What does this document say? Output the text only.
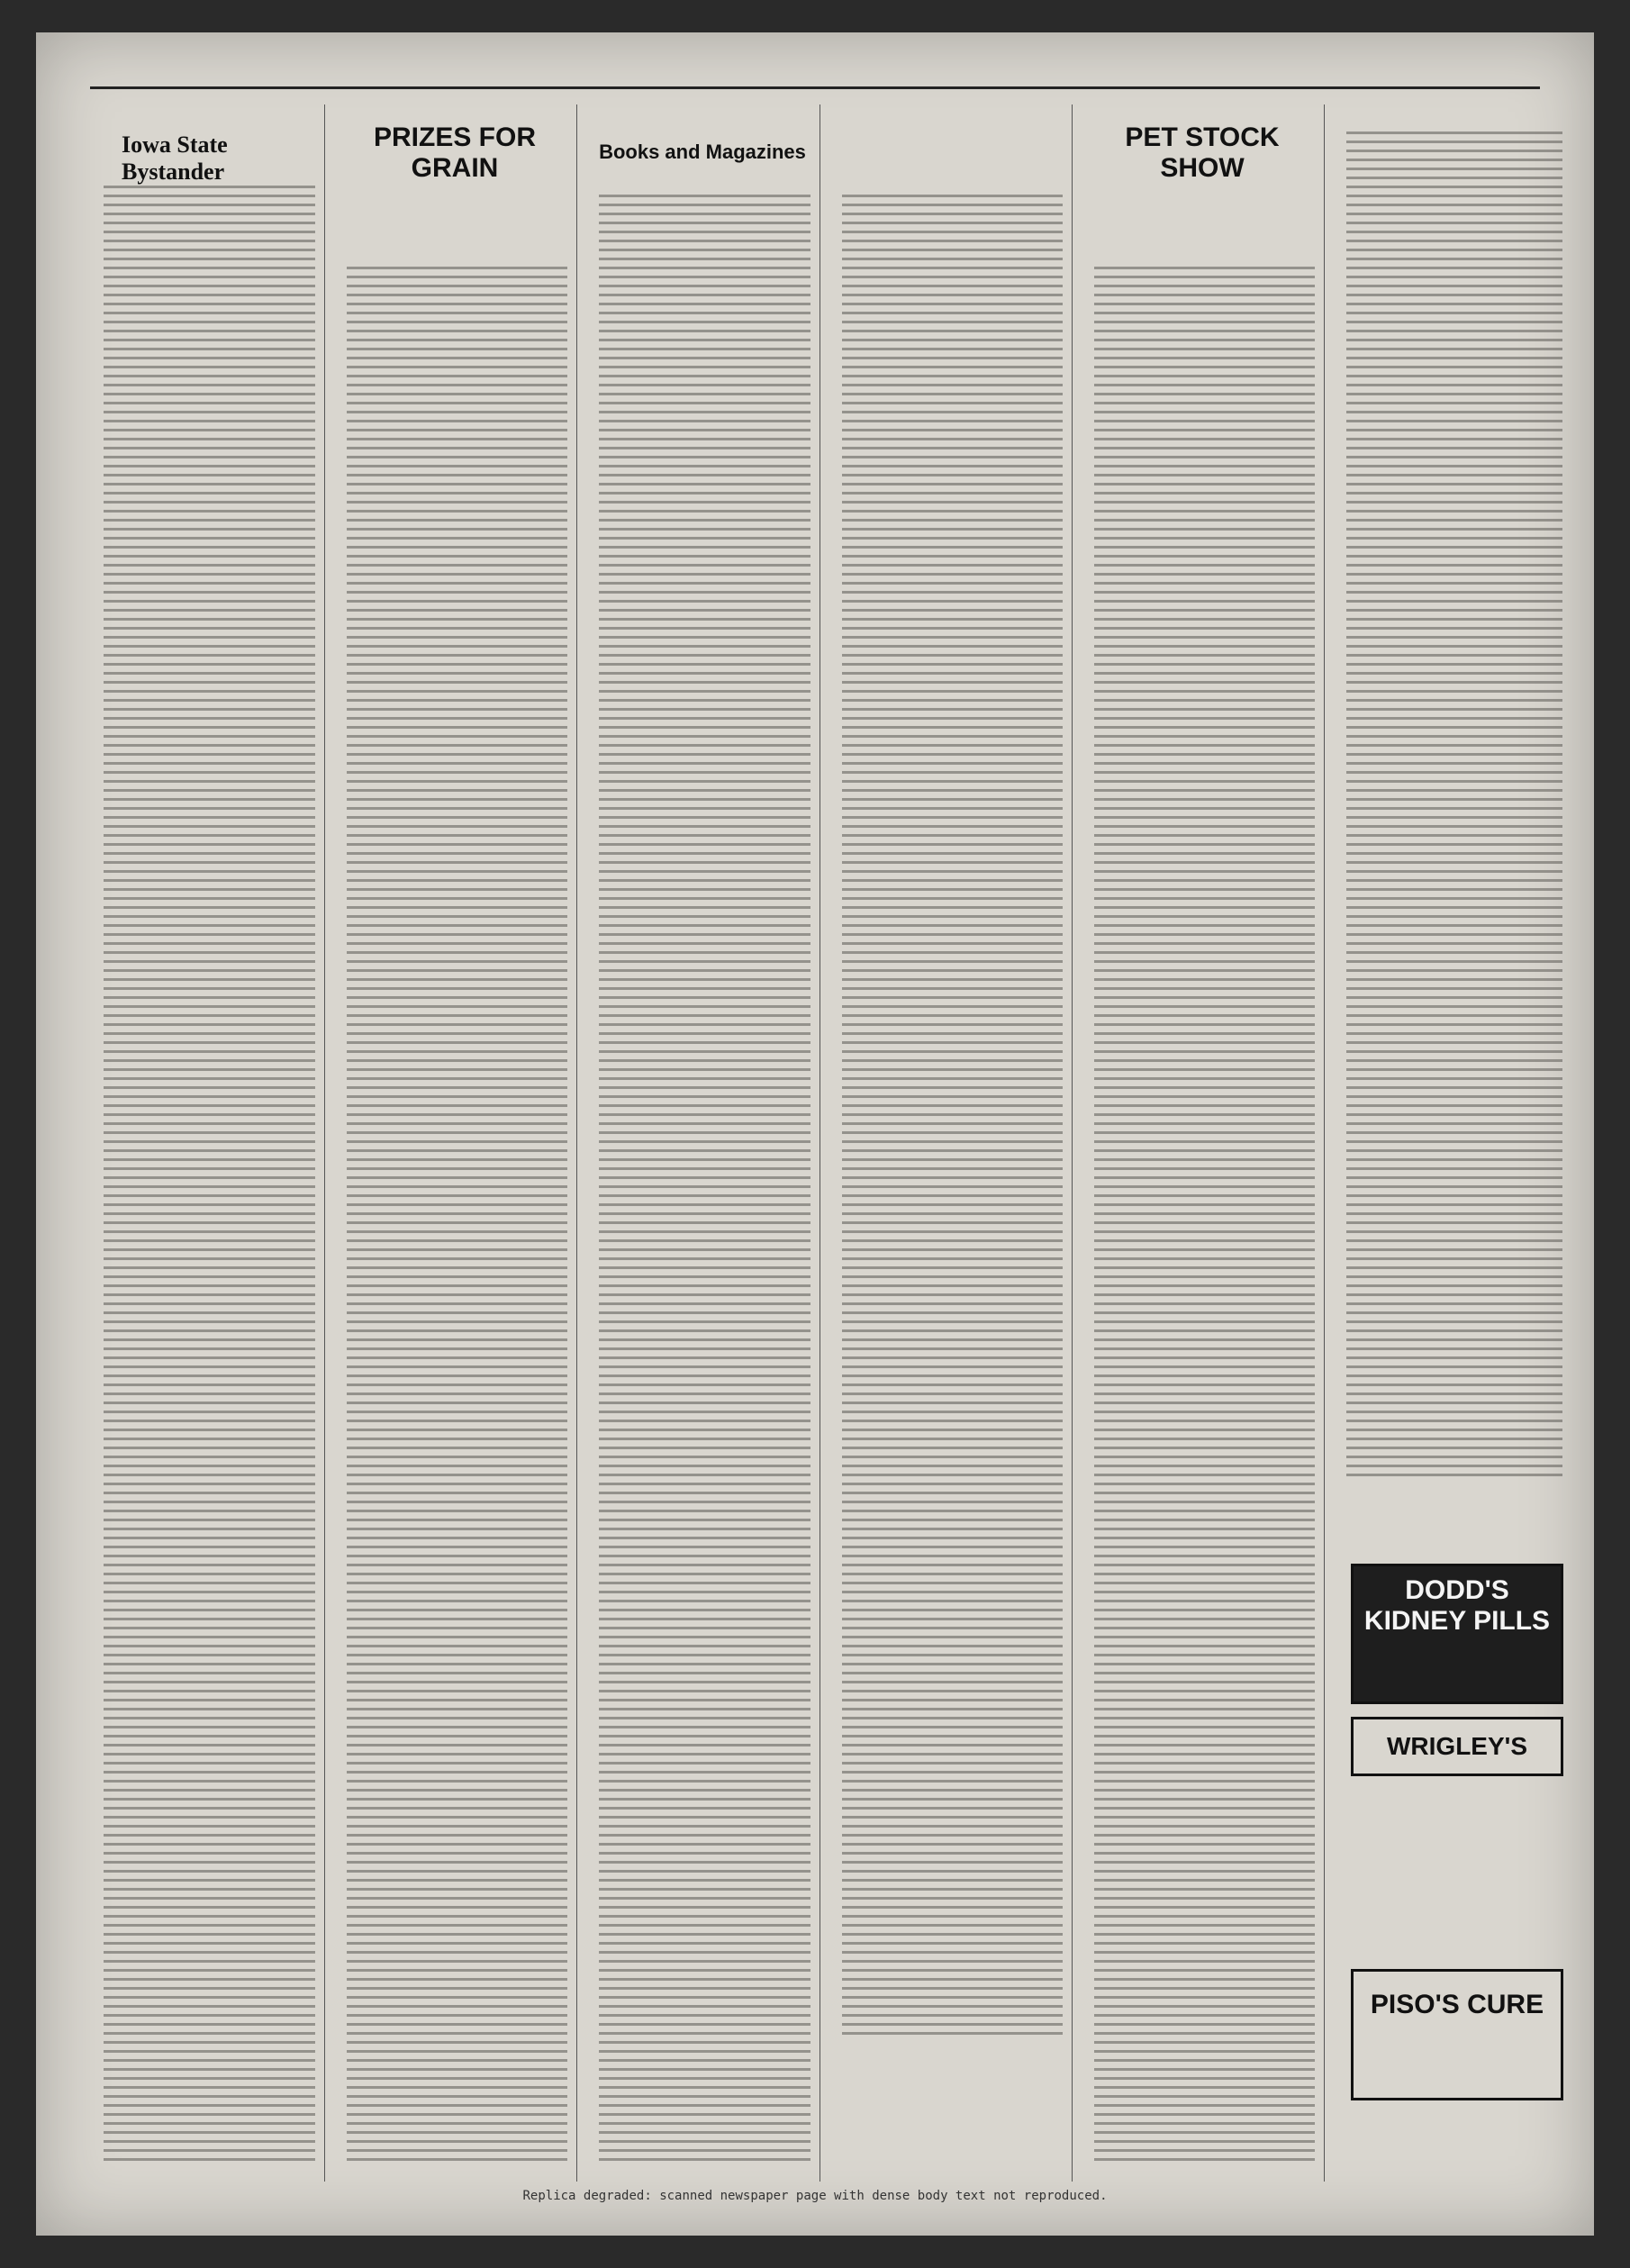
Iowa State Bystander
PRIZES FOR GRAIN
Books and Magazines	PET STOCK SHOW
DODD'S KIDNEY PILLS
WRIGLEY'S
PISO'S CURE
Replica degraded: scanned newspaper page with dense body text not reproduced.
